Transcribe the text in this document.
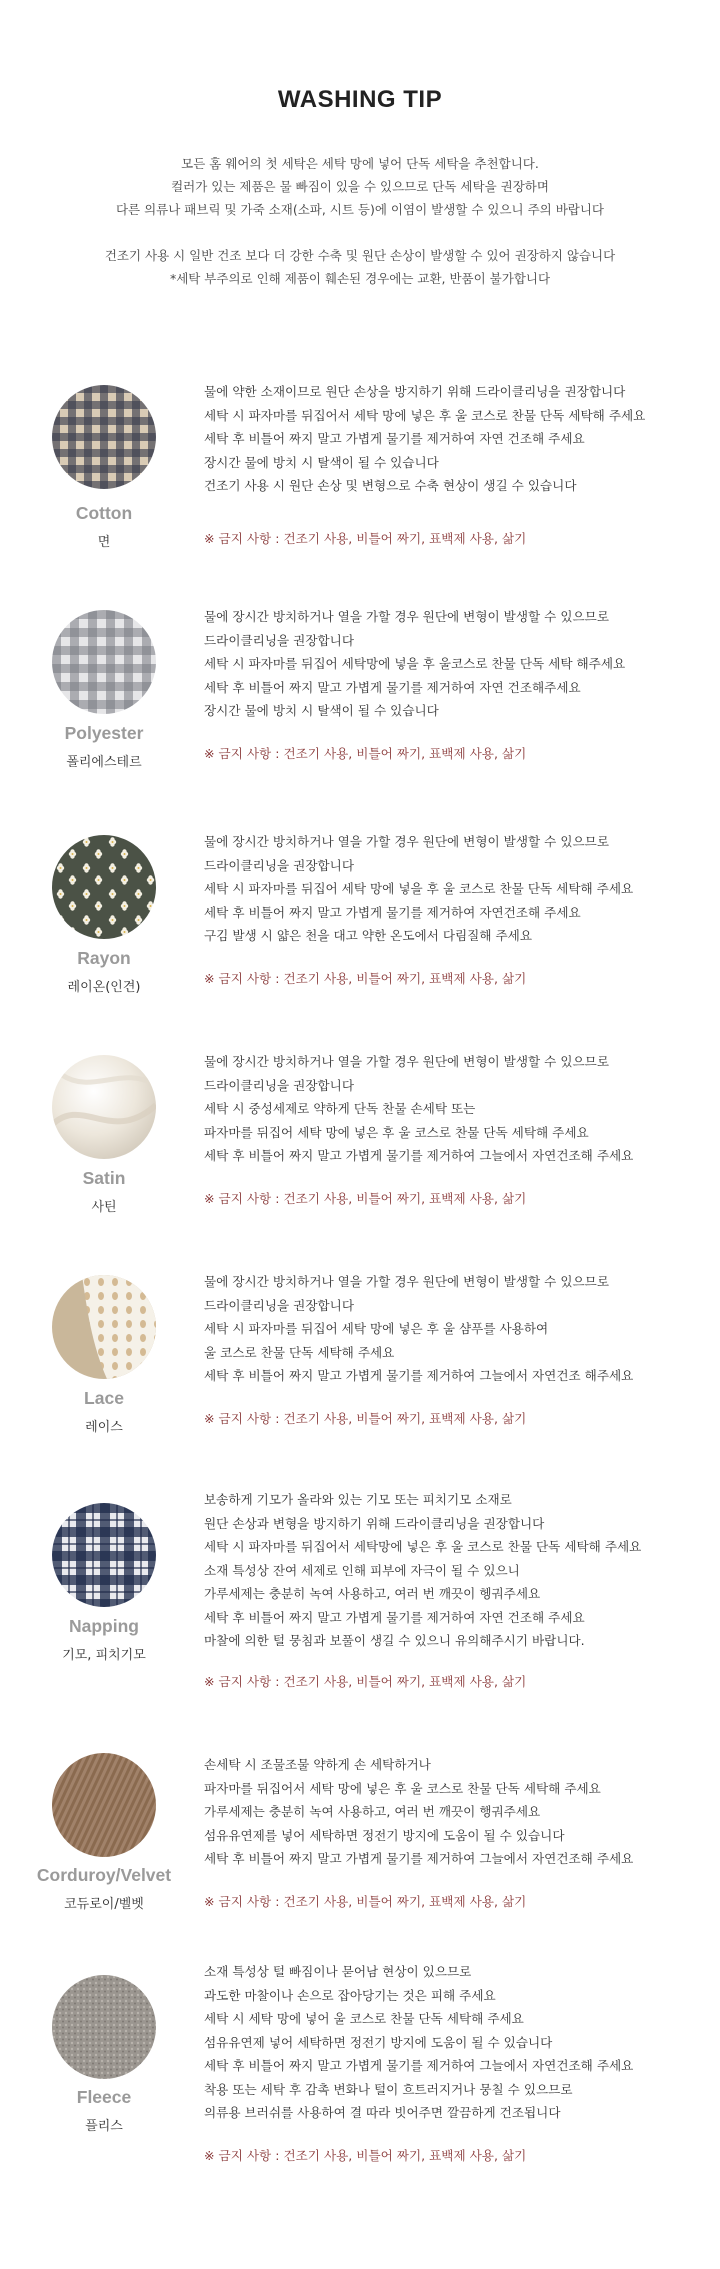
WASHING TIP
모든 홈 웨어의 첫 세탁은 세탁 망에 넣어 단독 세탁을 추천합니다.
컬러가 있는 제품은 물 빠짐이 있을 수 있으므로 단독 세탁을 권장하며
다른 의류나 패브릭 및 가죽 소재(소파, 시트 등)에 이염이 발생할 수 있으니 주의 바랍니다
건조기 사용 시 일반 건조 보다 더 강한 수축 및 원단 손상이 발생할 수 있어 권장하지 않습니다
*세탁 부주의로 인해 제품이 훼손된 경우에는 교환, 반품이 불가합니다
Cotton
면
물에 약한 소재이므로 원단 손상을 방지하기 위해 드라이클리닝을 권장합니다
세탁 시 파자마를 뒤집어서 세탁 망에 넣은 후 울 코스로 찬물 단독 세탁해 주세요
세탁 후 비틀어 짜지 말고 가볍게 물기를 제거하여 자연 건조해 주세요
장시간 물에 방치 시 탈색이 될 수 있습니다
건조기 사용 시 원단 손상 및 변형으로 수축 현상이 생길 수 있습니다
※ 금지 사항 : 건조기 사용, 비틀어 짜기, 표백제 사용, 삶기
Polyester
폴리에스테르
물에 장시간 방치하거나 열을 가할 경우 원단에 변형이 발생할 수 있으므로
드라이클리닝을 권장합니다
세탁 시 파자마를 뒤집어 세탁망에 넣을 후 울코스로 찬물 단독 세탁 해주세요
세탁 후 비틀어 짜지 말고 가볍게 물기를 제거하여 자연 건조해주세요
장시간 물에 방치 시 탈색이 될 수 있습니다
※ 금지 사항 : 건조기 사용, 비틀어 짜기, 표백제 사용, 삶기
Rayon
레이온(인견)
물에 장시간 방치하거나 열을 가할 경우 원단에 변형이 발생할 수 있으므로
드라이클리닝을 권장합니다
세탁 시 파자마를 뒤집어 세탁 망에 넣을 후 울 코스로 찬물 단독 세탁해 주세요
세탁 후 비틀어 짜지 말고 가볍게 물기를 제거하여 자연건조해 주세요
구김 발생 시 얇은 천을 대고 약한 온도에서 다림질해 주세요
※ 금지 사항 : 건조기 사용, 비틀어 짜기, 표백제 사용, 삶기
Satin
사틴
물에 장시간 방치하거나 열을 가할 경우 원단에 변형이 발생할 수 있으므로
드라이클리닝을 권장합니다
세탁 시 중성세제로 약하게 단독 찬물 손세탁 또는
파자마를 뒤집어 세탁 망에 넣은 후 울 코스로 찬물 단독 세탁해 주세요
세탁 후 비틀어 짜지 말고 가볍게 물기를 제거하여 그늘에서 자연건조해 주세요
※ 금지 사항 : 건조기 사용, 비틀어 짜기, 표백제 사용, 삶기
Lace
레이스
물에 장시간 방치하거나 열을 가할 경우 원단에 변형이 발생할 수 있으므로
드라이클리닝을 권장합니다
세탁 시 파자마를 뒤집어 세탁 망에 넣은 후 울 샴푸를 사용하여
울 코스로 찬물 단독 세탁해 주세요
세탁 후 비틀어 짜지 말고 가볍게 물기를 제거하여 그늘에서 자연건조 해주세요
※ 금지 사항 : 건조기 사용, 비틀어 짜기, 표백제 사용, 삶기
Napping
기모, 피치기모
보송하게 기모가 올라와 있는 기모 또는 피치기모 소재로
원단 손상과 변형을 방지하기 위해 드라이클리닝을 권장합니다
세탁 시 파자마를 뒤집어서 세탁망에 넣은 후 울 코스로 찬물 단독 세탁해 주세요
소재 특성상 잔여 세제로 인해 피부에 자극이 될 수 있으니
가루세제는 충분히 녹여 사용하고, 여러 번 깨끗이 헹궈주세요
세탁 후 비틀어 짜지 말고 가볍게 물기를 제거하여 자연 건조해 주세요
마찰에 의한 털 뭉침과 보풀이 생길 수 있으니 유의해주시기 바랍니다.
※ 금지 사항 : 건조기 사용, 비틀어 짜기, 표백제 사용, 삶기
Corduroy/Velvet
코듀로이/벨벳
손세탁 시 조물조물 약하게 손 세탁하거나
파자마를 뒤집어서 세탁 망에 넣은 후 울 코스로 찬물 단독 세탁해 주세요
가루세제는 충분히 녹여 사용하고, 여러 번 깨끗이 행궈주세요
섬유유연제를 넣어 세탁하면 정전기 방지에 도움이 될 수 있습니다
세탁 후 비틀어 짜지 말고 가볍게 물기를 제거하여 그늘에서 자연건조해 주세요
※ 금지 사항 : 건조기 사용, 비틀어 짜기, 표백제 사용, 삶기
Fleece
플리스
소재 특성상 털 빠짐이나 묻어남 현상이 있으므로
과도한 마찰이나 손으로 잡아당기는 것은 피해 주세요
세탁 시 세탁 망에 넣어 울 코스로 찬물 단독 세탁해 주세요
섬유유연제 넣어 세탁하면 정전기 방지에 도움이 될 수 있습니다
세탁 후 비틀어 짜지 말고 가볍게 물기를 제거하여 그늘에서 자연건조해 주세요
착용 또는 세탁 후 감촉 변화나 털이 흐트러지거나 뭉칠 수 있으므로
의류용 브러쉬를 사용하여 결 따라 빗어주면 깔끔하게 건조됩니다
※ 금지 사항 : 건조기 사용, 비틀어 짜기, 표백제 사용, 삶기
